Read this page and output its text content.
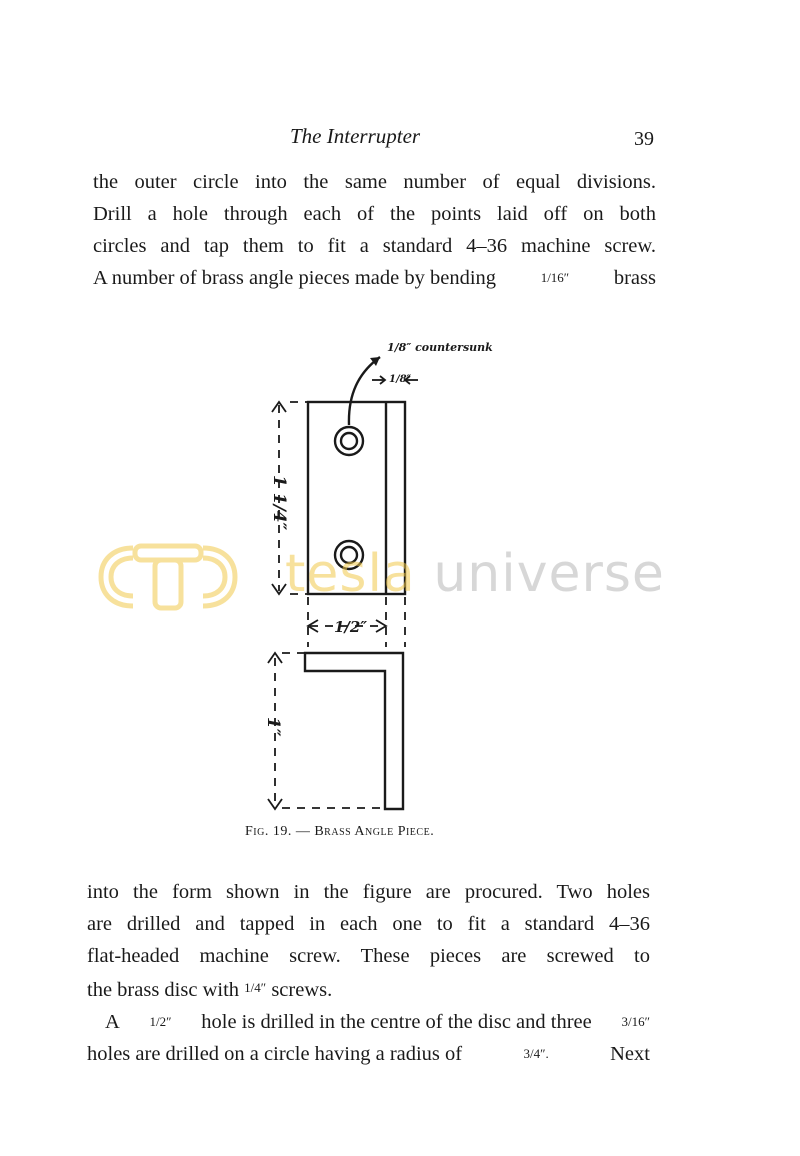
The Interrupter	39
the outer circle into the same number of equal divisions.
Drill a hole through each of the points laid off on both
circles and tap them to fit a standard 4–36 machine screw.
A number of brass angle pieces made by bending	1/16″ brass
1/8″ countersunk
1/8″
1 1/4″
1/2″
1″
tesla universe
Fig. 19. — Brass Angle Piece.
into the form shown in the figure are procured. Two holes
are drilled and tapped in each one to fit a standard 4–36
flat-headed machine screw. These pieces are screwed to
the brass disc with 1/4″ screws.
A 1/2″ hole is drilled in the centre of the disc and three 3/16″
holes are drilled on a circle having a radius of	3/4″.	Next
